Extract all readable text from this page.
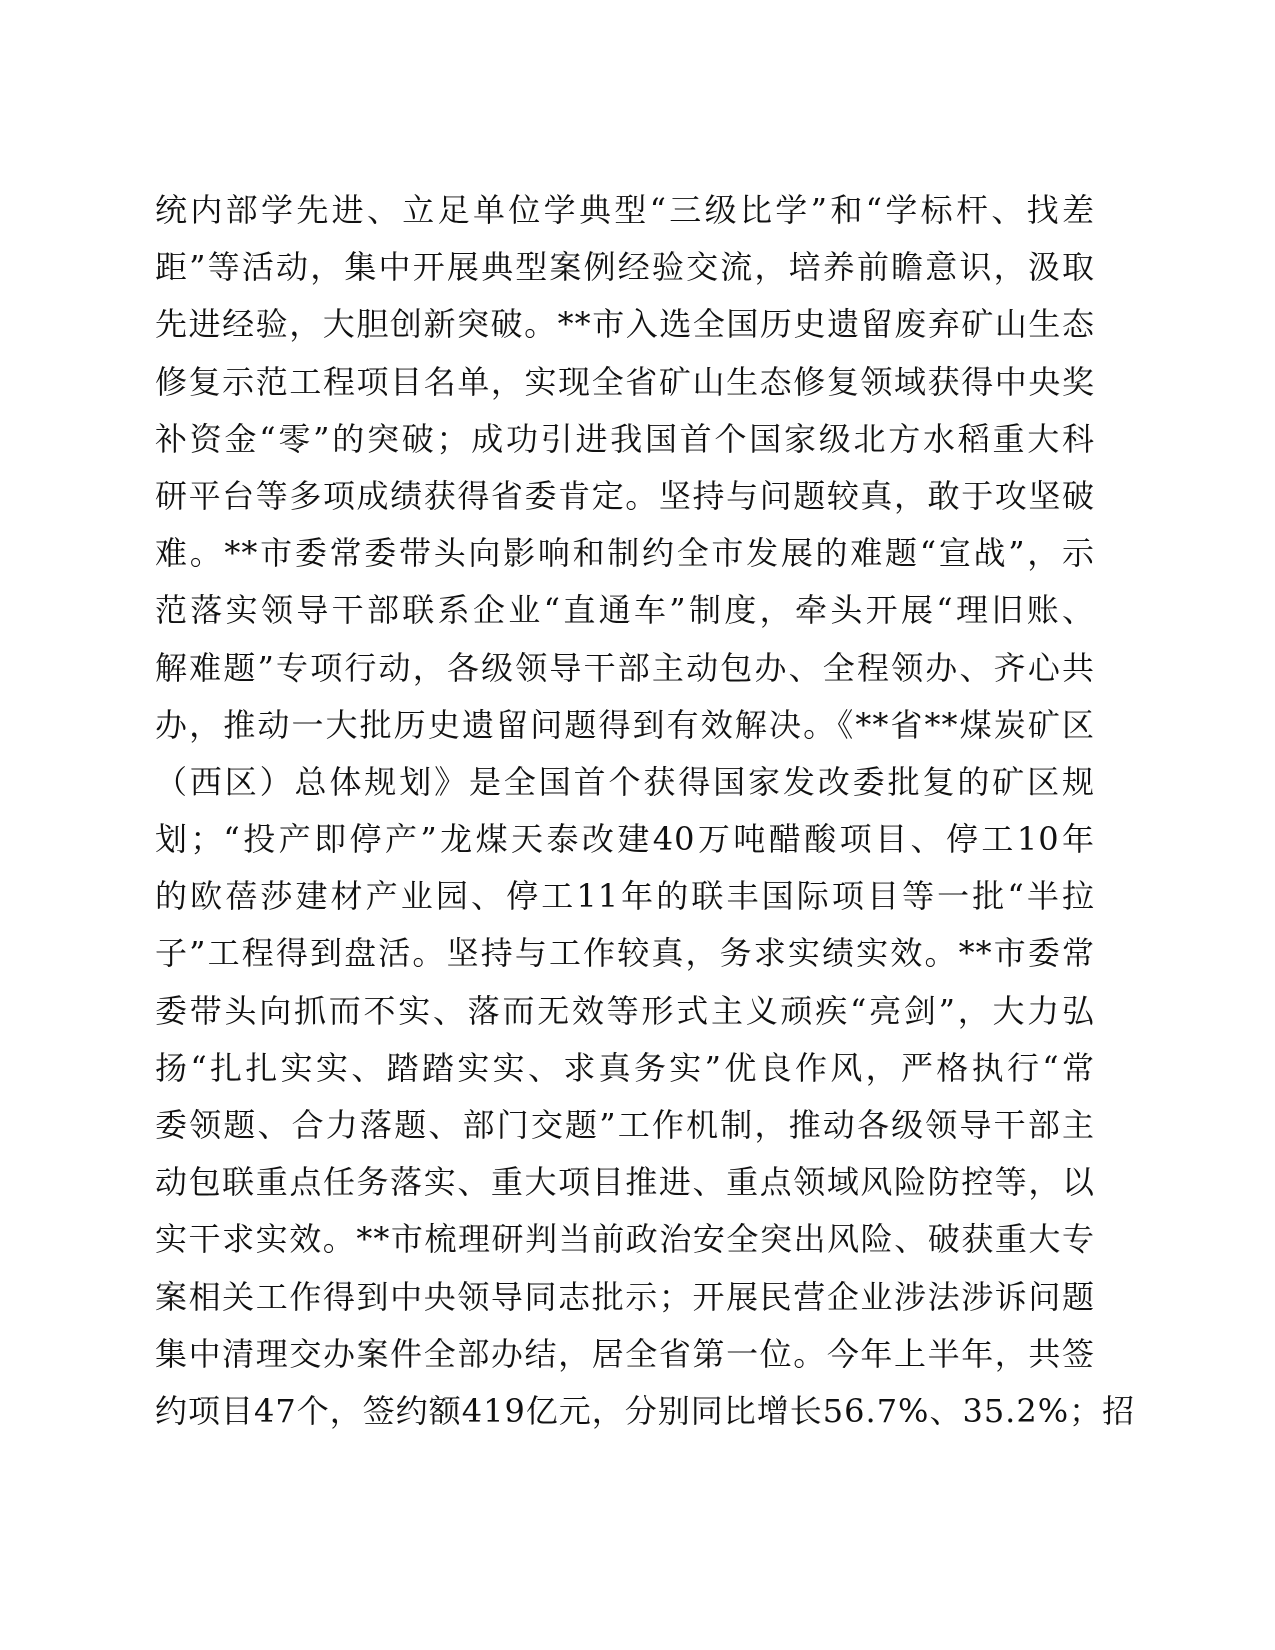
统内部学先进、立足单位学典型“三级比学”和“学标杆、找差
距”等活动，集中开展典型案例经验交流，培养前瞻意识，汲取
先进经验，大胆创新突破。**市入选全国历史遗留废弃矿山生态
修复示范工程项目名单，实现全省矿山生态修复领域获得中央奖
补资金“零”的突破；成功引进我国首个国家级北方水稻重大科
研平台等多项成绩获得省委肯定。坚持与问题较真，敢于攻坚破
难。**市委常委带头向影响和制约全市发展的难题“宣战”，示
范落实领导干部联系企业“直通车”制度，牵头开展“理旧账、
解难题”专项行动，各级领导干部主动包办、全程领办、齐心共
办，推动一大批历史遗留问题得到有效解决。《**省**煤炭矿区
（西区）总体规划》是全国首个获得国家发改委批复的矿区规
划；“投产即停产”龙煤天泰改建40万吨醋酸项目、停工10年
的欧蓓莎建材产业园、停工11年的联丰国际项目等一批“半拉
子”工程得到盘活。坚持与工作较真，务求实绩实效。**市委常
委带头向抓而不实、落而无效等形式主义顽疾“亮剑”，大力弘
扬“扎扎实实、踏踏实实、求真务实”优良作风，严格执行“常
委领题、合力落题、部门交题”工作机制，推动各级领导干部主
动包联重点任务落实、重大项目推进、重点领域风险防控等，以
实干求实效。**市梳理研判当前政治安全突出风险、破获重大专
案相关工作得到中央领导同志批示；开展民营企业涉法涉诉问题
集中清理交办案件全部办结，居全省第一位。今年上半年，共签
约项目47个，签约额419亿元，分别同比增长56.7%、35.2%；招
